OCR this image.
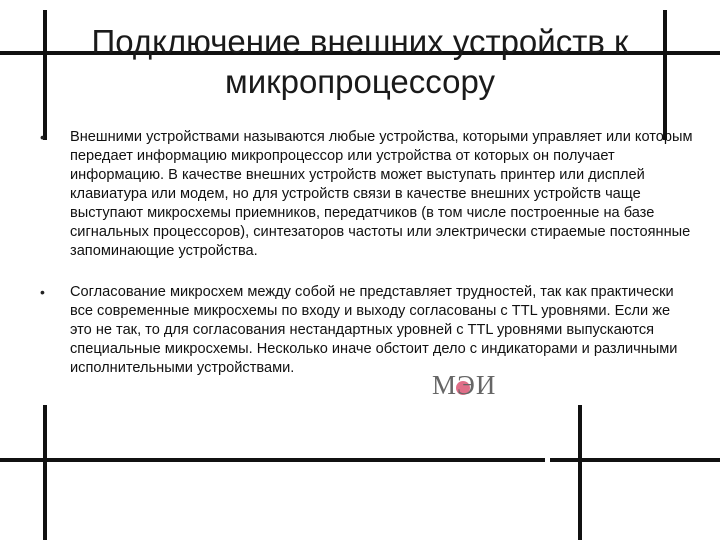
Подключение внешних устройств к микропроцессору
•	Внешними устройствами называются любые устройства, которыми управляет или которым передает информацию микропроцессор или устройства от которых он получает информацию. В качестве внешних устройств может выступать принтер или дисплей клавиатура или модем, но для устройств связи в качестве внешних устройств чаще выступают микросхемы приемников, передатчиков (в том числе построенные на базе сигнальных процессоров), синтезаторов частоты или электрически стираемые постоянные запоминающие устройства.
•	Согласование микросхем между собой не представляет трудностей, так как практически все современные микросхемы по входу и выходу согласованы с TTL уровнями. Если же это не так, то для согласования нестандартных уровней с TTL уровнями выпускаются специальные микросхемы. Несколько иначе обстоит дело с индикаторами и различными исполнительными устройствами.
МЭИ
